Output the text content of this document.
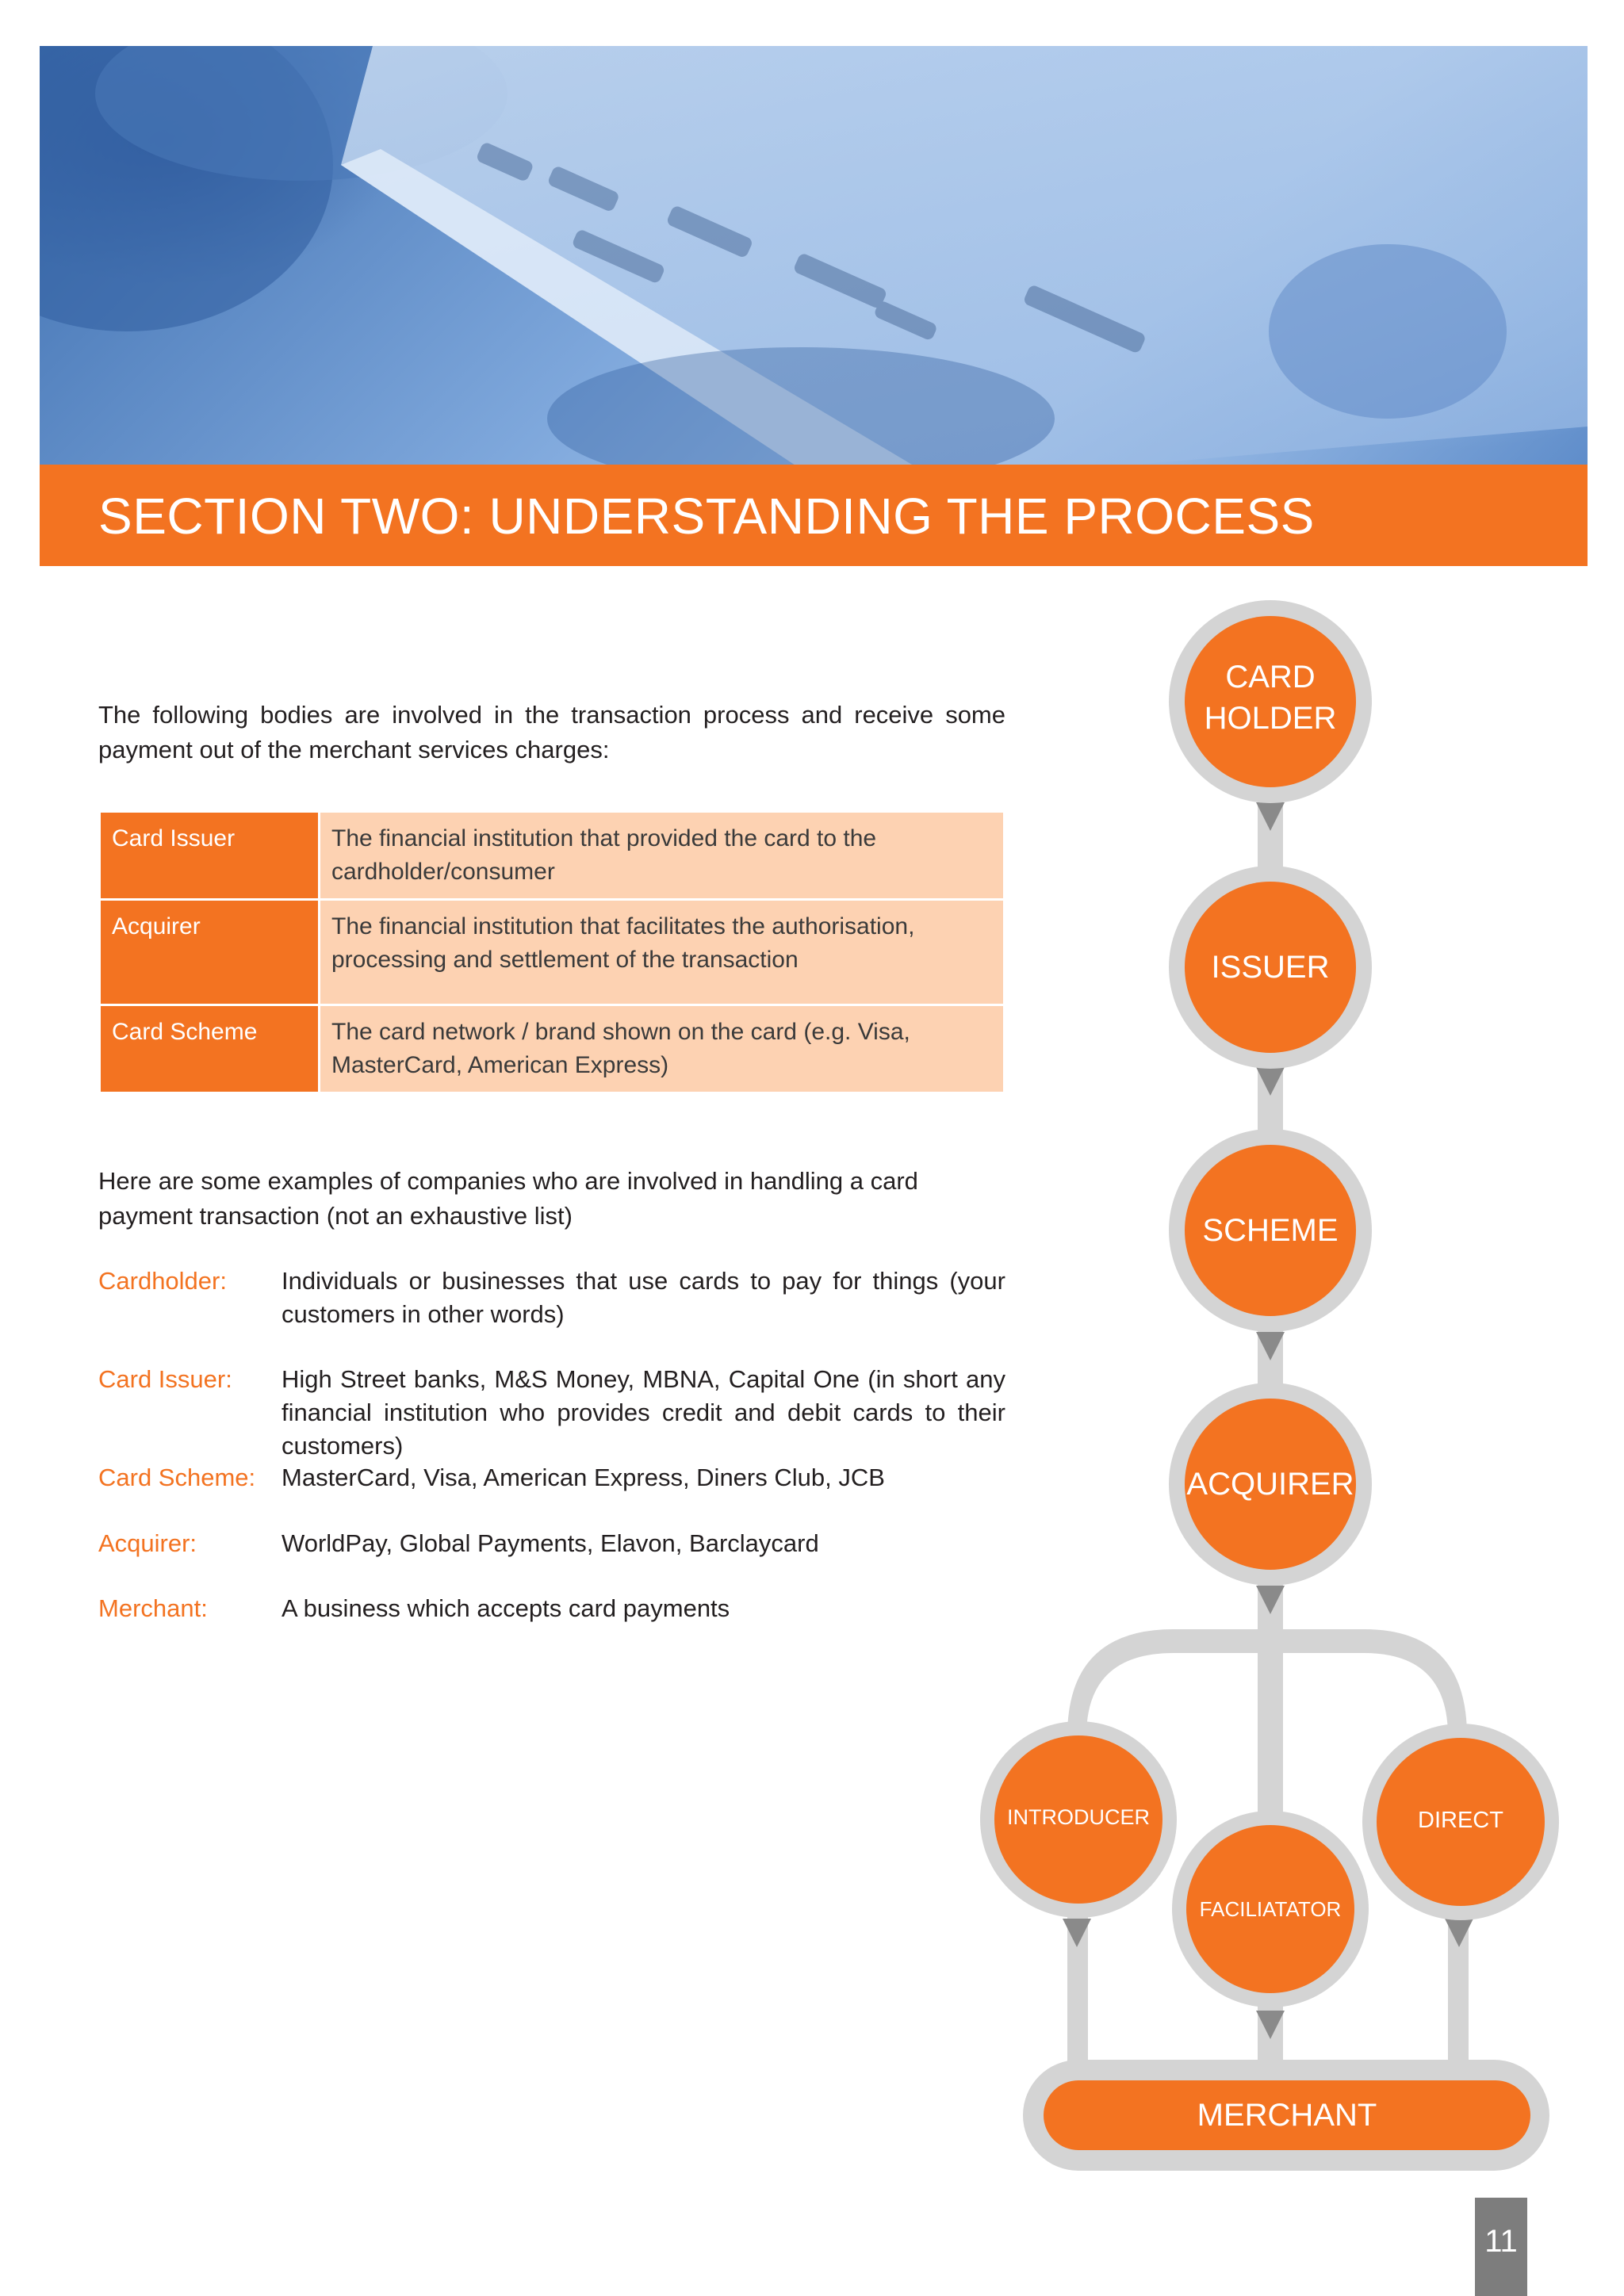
SECTION TWO: UNDERSTANDING THE PROCESS

The following bodies are involved in the transaction process and receive some payment out of the merchant services charges:

Card Issuer	The financial institution that provided the card to the cardholder/consumer
Acquirer	The financial institution that facilitates the authorisation, processing and settlement of the transaction
Card Scheme	The card network / brand shown on the card (e.g. Visa, MasterCard, American Express)

Here are some examples of companies who are involved in handling a card payment transaction (not an exhaustive list)

Cardholder: Individuals or businesses that use cards to pay for things (your customers in other words)
Card Issuer: High Street banks, M&S Money, MBNA, Capital One (in short any financial institution who provides credit and debit cards to their customers)
Card Scheme: MasterCard, Visa, American Express, Diners Club, JCB
Acquirer:	WorldPay, Global Payments, Elavon, Barclaycard
Merchant:	A business which accepts card payments
CARD
HOLDER
ISSUER
SCHEME
ACQUIRER
INTRODUCER	DIRECT
FACILIATATOR
MERCHANT
11
